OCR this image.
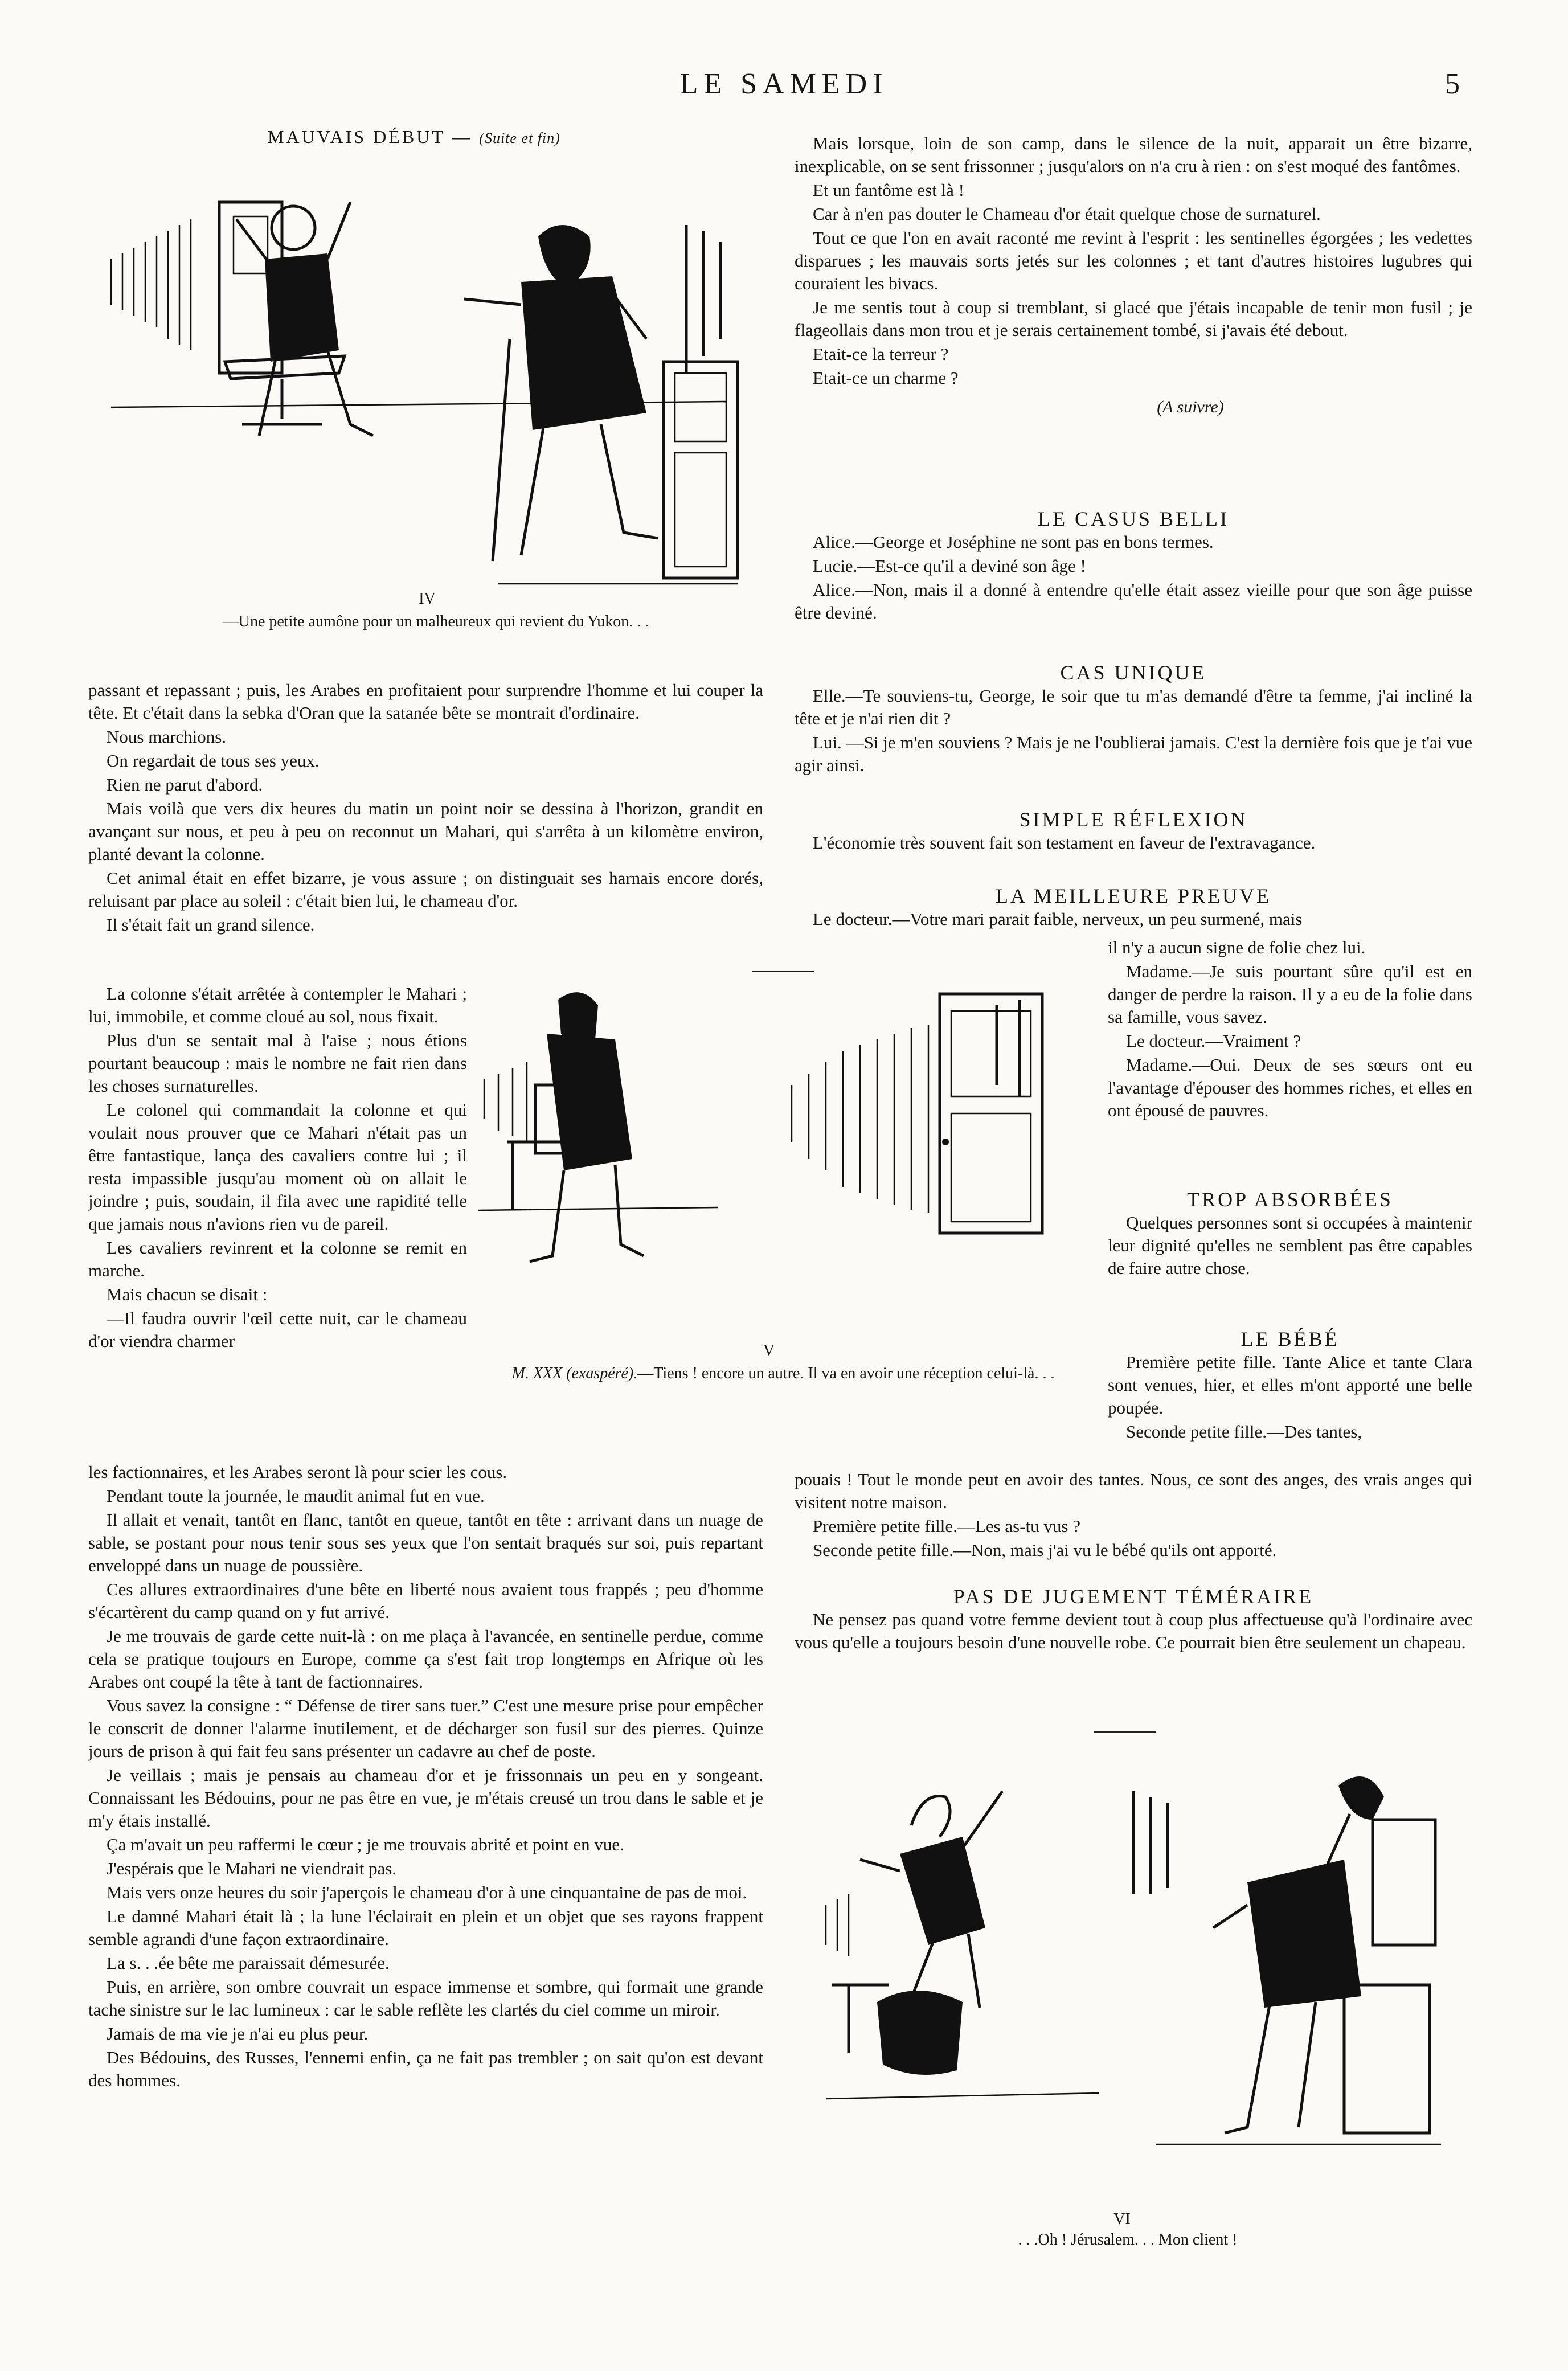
LE SAMEDI	5
MAUVAIS DÉBUT — (Suite et fin)
IV
—Une petite aumône pour un malheureux qui revient du Yukon. . .

passant et repassant ; puis, les Arabes en profitaient pour surprendre l'homme et lui couper la tête. Et c'était dans la sebka d'Oran que la satanée bête se montrait d'ordinaire.

Nous marchions.

On regardait de tous ses yeux.

Rien ne parut d'abord.

Mais voilà que vers dix heures du matin un point noir se dessina à l'horizon, grandit en avançant sur nous, et peu à peu on reconnut un Mahari, qui s'arrêta à un kilomètre environ, planté devant la colonne.

Cet animal était en effet bizarre, je vous assure ; on distinguait ses harnais encore dorés, reluisant par place au soleil : c'était bien lui, le chameau d'or.

Il s'était fait un grand silence.

La colonne s'était arrêtée à contempler le Mahari ; lui, immobile, et comme cloué au sol, nous fixait.

Plus d'un se sentait mal à l'aise ; nous étions pourtant beaucoup : mais le nombre ne fait rien dans les choses surnaturelles.

Le colonel qui commandait la colonne et qui voulait nous prouver que ce Mahari n'était pas un être fantastique, lança des cavaliers contre lui ; il resta impassible jusqu'au moment où on allait le joindre ; puis, soudain, il fila avec une rapidité telle que jamais nous n'avions rien vu de pareil.

Les cavaliers revinrent et la colonne se remit en marche.

Mais chacun se disait :

—Il faudra ouvrir l'œil cette nuit, car le chameau d'or viendra charmer	V
M. XXX (exaspéré).—Tiens ! encore un autre. Il va en avoir une réception celui-là. . .

les factionnaires, et les Arabes seront là pour scier les cous.

Pendant toute la journée, le maudit animal fut en vue.

Il allait et venait, tantôt en flanc, tantôt en queue, tantôt en tête : arrivant dans un nuage de sable, se postant pour nous tenir sous ses yeux que l'on sentait braqués sur soi, puis repartant enveloppé dans un nuage de poussière.

Ces allures extraordinaires d'une bête en liberté nous avaient tous frappés ; peu d'homme s'écartèrent du camp quand on y fut arrivé.

Je me trouvais de garde cette nuit-là : on me plaça à l'avancée, en sentinelle perdue, comme cela se pratique toujours en Europe, comme ça s'est fait trop longtemps en Afrique où les Arabes ont coupé la tête à tant de factionnaires.

Vous savez la consigne : “ Défense de tirer sans tuer.” C'est une mesure prise pour empêcher le conscrit de donner l'alarme inutilement, et de décharger son fusil sur des pierres. Quinze jours de prison à qui fait feu sans présenter un cadavre au chef de poste.

Je veillais ; mais je pensais au chameau d'or et je frissonnais un peu en y songeant. Connaissant les Bédouins, pour ne pas être en vue, je m'étais creusé un trou dans le sable et je m'y étais installé.

Ça m'avait un peu raffermi le cœur ; je me trouvais abrité et point en vue.

J'espérais que le Mahari ne viendrait pas.

Mais vers onze heures du soir j'aperçois le chameau d'or à une cinquantaine de pas de moi.

Le damné Mahari était là ; la lune l'éclairait en plein et un objet que ses rayons frappent semble agrandi d'une façon extraordinaire.

La s. . .ée bête me paraissait démesurée.

Puis, en arrière, son ombre couvrait un espace immense et sombre, qui formait une grande tache sinistre sur le lac lumineux : car le sable reflète les clartés du ciel comme un miroir.

Jamais de ma vie je n'ai eu plus peur.

Des Bédouins, des Russes, l'ennemi enfin, ça ne fait pas trembler ; on sait qu'on est devant des hommes.

Mais lorsque, loin de son camp, dans le silence de la nuit, apparait un être bizarre, inexplicable, on se sent frissonner ; jusqu'alors on n'a cru à rien : on s'est moqué des fantômes.

Et un fantôme est là !

Car à n'en pas douter le Chameau d'or était quelque chose de surnaturel.

Tout ce que l'on en avait raconté me revint à l'esprit : les sentinelles égorgées ; les vedettes disparues ; les mauvais sorts jetés sur les colonnes ; et tant d'autres histoires lugubres qui couraient les bivacs.

Je me sentis tout à coup si tremblant, si glacé que j'étais incapable de tenir mon fusil ; je flageollais dans mon trou et je serais certainement tombé, si j'avais été debout.

Etait-ce la terreur ?

Etait-ce un charme ?

(A suivre)
LE CASUS BELLI

Alice.—George et Joséphine ne sont pas en bons termes.

Lucie.—Est-ce qu'il a deviné son âge !

Alice.—Non, mais il a donné à entendre qu'elle était assez vieille pour que son âge puisse être deviné.

CAS UNIQUE

Elle.—Te souviens-tu, George, le soir que tu m'as demandé d'être ta femme, j'ai incliné la tête et je n'ai rien dit ?

Lui. —Si je m'en souviens ? Mais je ne l'oublierai jamais. C'est la dernière fois que je t'ai vue agir ainsi.

SIMPLE RÉFLEXION

L'économie très souvent fait son testament en faveur de l'extravagance.

LA MEILLEURE PREUVE

Le docteur.—Votre mari parait faible, nerveux, un peu surmené, mais

il n'y a aucun signe de folie chez lui.

Madame.—Je suis pourtant sûre qu'il est en danger de perdre la raison. Il y a eu de la folie dans sa famille, vous savez.

Le docteur.—Vraiment ?

Madame.—Oui. Deux de ses sœurs ont eu l'avantage d'épouser des hommes riches, et elles en ont épousé de pauvres.

TROP ABSORBÉES

Quelques personnes sont si occupées à maintenir leur dignité qu'elles ne semblent pas être capables de faire autre chose.

LE BÉBÉ

Première petite fille. Tante Alice et tante Clara sont venues, hier, et elles m'ont apporté une belle poupée.

Seconde petite fille.—Des tantes,

pouais ! Tout le monde peut en avoir des tantes. Nous, ce sont des anges, des vrais anges qui visitent notre maison.

Première petite fille.—Les as-tu vus ?

Seconde petite fille.—Non, mais j'ai vu le bébé qu'ils ont apporté.

PAS DE JUGEMENT TÉMÉRAIRE

Ne pensez pas quand votre femme devient tout à coup plus affectueuse qu'à l'ordinaire avec vous qu'elle a toujours besoin d'une nouvelle robe. Ce pourrait bien être seulement un chapeau.

VI
. . .Oh ! Jérusalem. . . Mon client !
